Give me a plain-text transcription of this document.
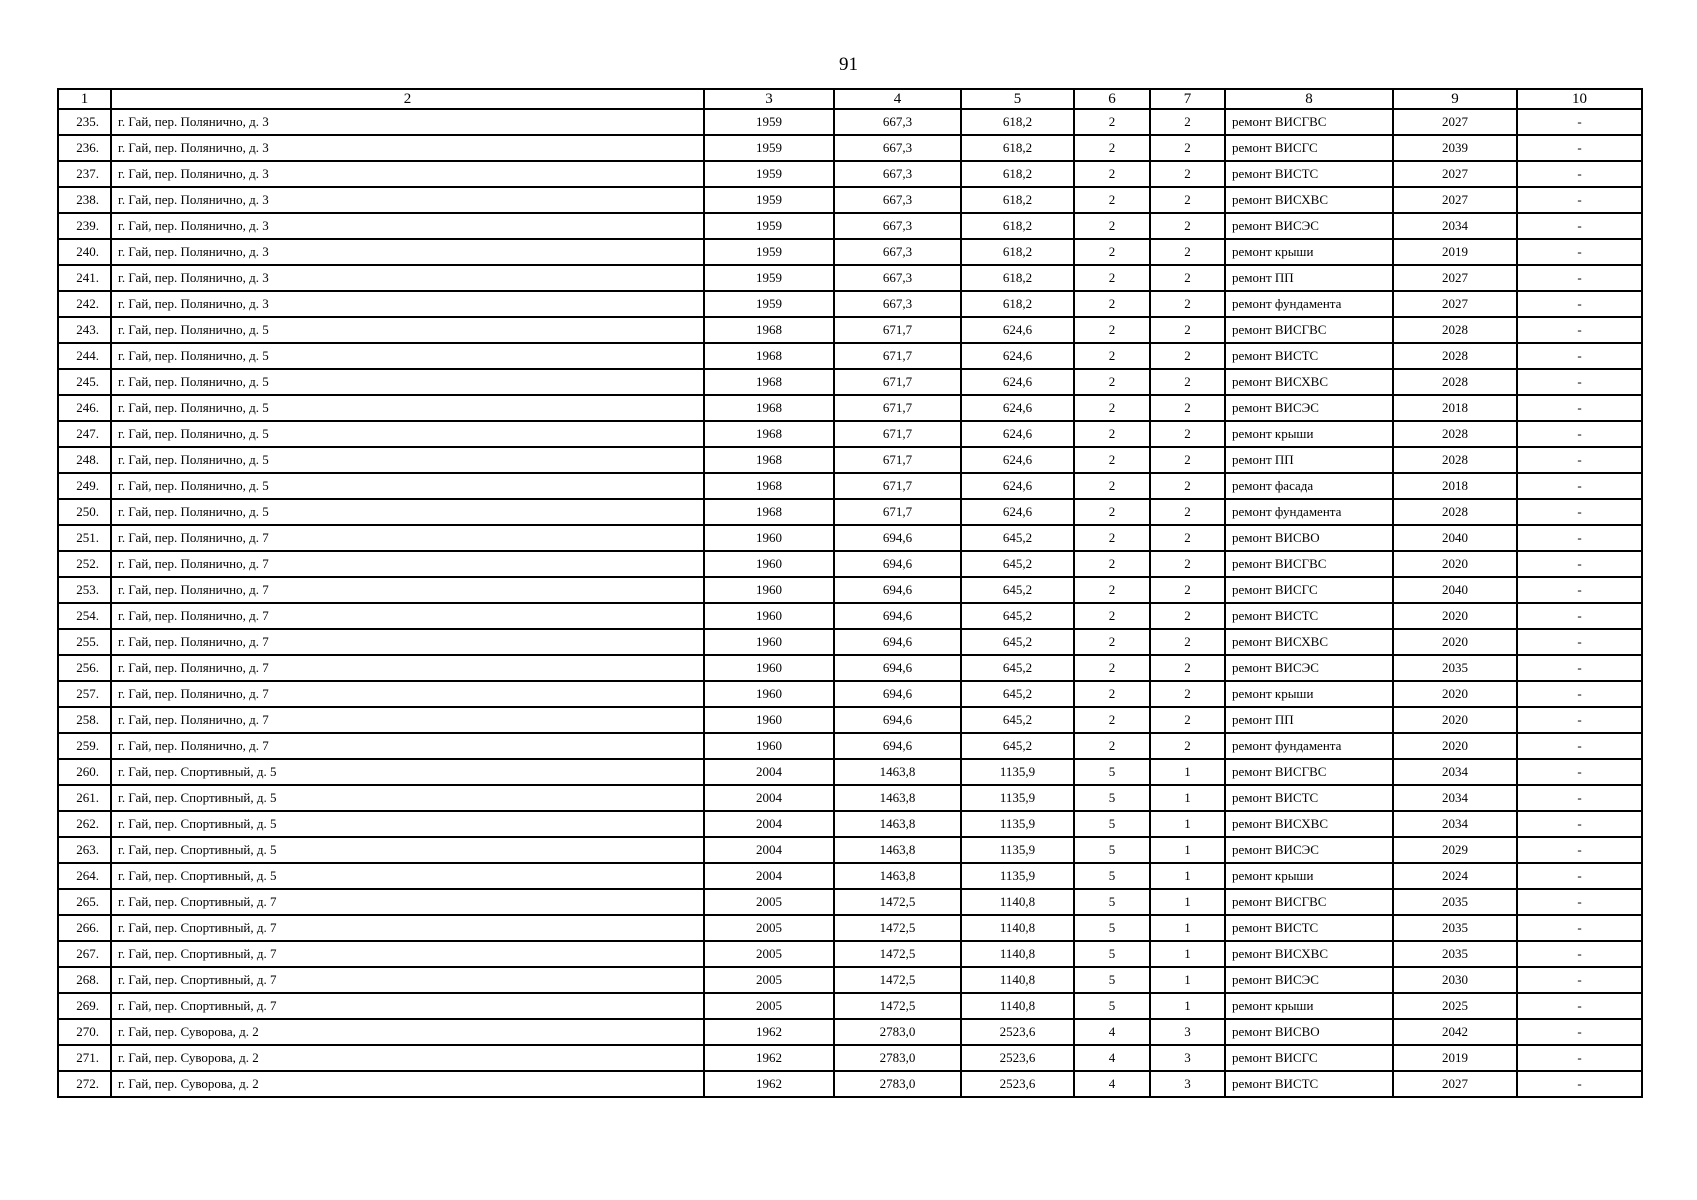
91
1	2	3	4	5	6	7	8	9	10
235.	г. Гай, пер. Полянично, д. 3	1959	667,3	618,2	2	2	ремонт ВИСГВС	2027	-
236.	г. Гай, пер. Полянично, д. 3	1959	667,3	618,2	2	2	ремонт ВИСГС	2039	-
237.	г. Гай, пер. Полянично, д. 3	1959	667,3	618,2	2	2	ремонт ВИСТС	2027	-
238.	г. Гай, пер. Полянично, д. 3	1959	667,3	618,2	2	2	ремонт ВИСХВС	2027	-
239.	г. Гай, пер. Полянично, д. 3	1959	667,3	618,2	2	2	ремонт ВИСЭС	2034	-
240.	г. Гай, пер. Полянично, д. 3	1959	667,3	618,2	2	2	ремонт крыши	2019	-
241.	г. Гай, пер. Полянично, д. 3	1959	667,3	618,2	2	2	ремонт ПП	2027	-
242.	г. Гай, пер. Полянично, д. 3	1959	667,3	618,2	2	2	ремонт фундамента	2027	-
243.	г. Гай, пер. Полянично, д. 5	1968	671,7	624,6	2	2	ремонт ВИСГВС	2028	-
244.	г. Гай, пер. Полянично, д. 5	1968	671,7	624,6	2	2	ремонт ВИСТС	2028	-
245.	г. Гай, пер. Полянично, д. 5	1968	671,7	624,6	2	2	ремонт ВИСХВС	2028	-
246.	г. Гай, пер. Полянично, д. 5	1968	671,7	624,6	2	2	ремонт ВИСЭС	2018	-
247.	г. Гай, пер. Полянично, д. 5	1968	671,7	624,6	2	2	ремонт крыши	2028	-
248.	г. Гай, пер. Полянично, д. 5	1968	671,7	624,6	2	2	ремонт ПП	2028	-
249.	г. Гай, пер. Полянично, д. 5	1968	671,7	624,6	2	2	ремонт фасада	2018	-
250.	г. Гай, пер. Полянично, д. 5	1968	671,7	624,6	2	2	ремонт фундамента	2028	-
251.	г. Гай, пер. Полянично, д. 7	1960	694,6	645,2	2	2	ремонт ВИСВО	2040	-
252.	г. Гай, пер. Полянично, д. 7	1960	694,6	645,2	2	2	ремонт ВИСГВС	2020	-
253.	г. Гай, пер. Полянично, д. 7	1960	694,6	645,2	2	2	ремонт ВИСГС	2040	-
254.	г. Гай, пер. Полянично, д. 7	1960	694,6	645,2	2	2	ремонт ВИСТС	2020	-
255.	г. Гай, пер. Полянично, д. 7	1960	694,6	645,2	2	2	ремонт ВИСХВС	2020	-
256.	г. Гай, пер. Полянично, д. 7	1960	694,6	645,2	2	2	ремонт ВИСЭС	2035	-
257.	г. Гай, пер. Полянично, д. 7	1960	694,6	645,2	2	2	ремонт крыши	2020	-
258.	г. Гай, пер. Полянично, д. 7	1960	694,6	645,2	2	2	ремонт ПП	2020	-
259.	г. Гай, пер. Полянично, д. 7	1960	694,6	645,2	2	2	ремонт фундамента	2020	-
260.	г. Гай, пер. Спортивный, д. 5	2004	1463,8	1135,9	5	1	ремонт ВИСГВС	2034	-
261.	г. Гай, пер. Спортивный, д. 5	2004	1463,8	1135,9	5	1	ремонт ВИСТС	2034	-
262.	г. Гай, пер. Спортивный, д. 5	2004	1463,8	1135,9	5	1	ремонт ВИСХВС	2034	-
263.	г. Гай, пер. Спортивный, д. 5	2004	1463,8	1135,9	5	1	ремонт ВИСЭС	2029	-
264.	г. Гай, пер. Спортивный, д. 5	2004	1463,8	1135,9	5	1	ремонт крыши	2024	-
265.	г. Гай, пер. Спортивный, д. 7	2005	1472,5	1140,8	5	1	ремонт ВИСГВС	2035	-
266.	г. Гай, пер. Спортивный, д. 7	2005	1472,5	1140,8	5	1	ремонт ВИСТС	2035	-
267.	г. Гай, пер. Спортивный, д. 7	2005	1472,5	1140,8	5	1	ремонт ВИСХВС	2035	-
268.	г. Гай, пер. Спортивный, д. 7	2005	1472,5	1140,8	5	1	ремонт ВИСЭС	2030	-
269.	г. Гай, пер. Спортивный, д. 7	2005	1472,5	1140,8	5	1	ремонт крыши	2025	-
270.	г. Гай, пер. Суворова, д. 2	1962	2783,0	2523,6	4	3	ремонт ВИСВО	2042	-
271.	г. Гай, пер. Суворова, д. 2	1962	2783,0	2523,6	4	3	ремонт ВИСГС	2019	-
272.	г. Гай, пер. Суворова, д. 2	1962	2783,0	2523,6	4	3	ремонт ВИСТС	2027	-
